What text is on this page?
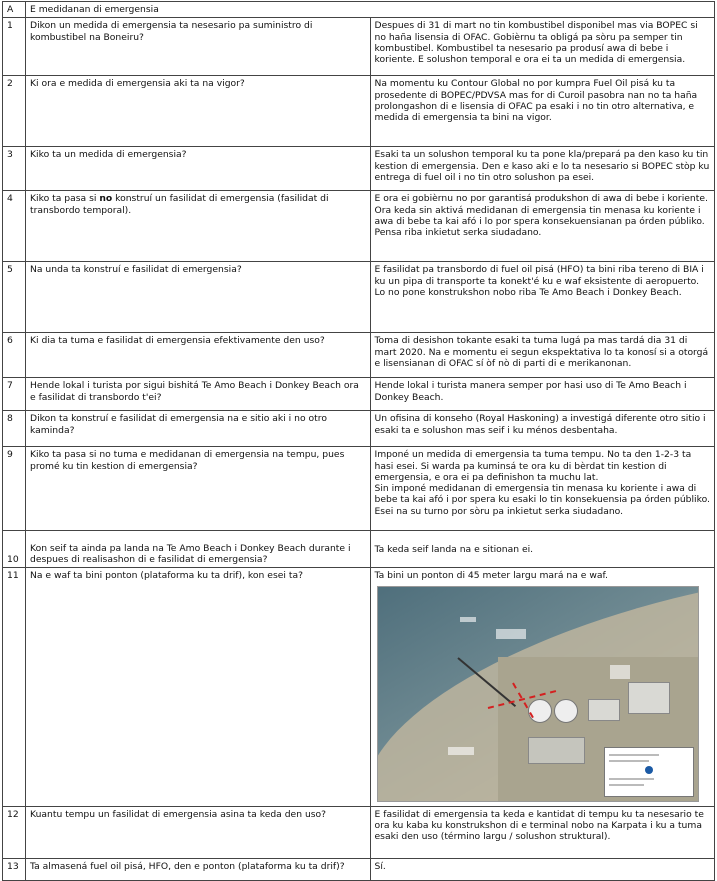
A	E medidanan di emergensia	
1	Dikon un medida di emergensia ta nesesario pa suministro di kombustibel na Boneiru?	Despues di 31 di mart no tin kombustibel disponibel mas via BOPEC si no haña lisensia di OFAC. Gobièrnu ta obligá pa sòru pa semper tin kombustibel. Kombustibel ta nesesario pa produsí awa di bebe i koriente. E solushon temporal e ora ei ta un medida di emergensia.
2	Ki ora e medida di emergensia aki ta na vigor?	Na momentu ku Contour Global no por kumpra Fuel Oil pisá ku ta prosedente di BOPEC/PDVSA mas for di Curoil pasobra nan no ta haña prolongashon di e lisensia di OFAC pa esaki i no tin otro alternativa, e medida di emergensia ta bini na vigor.
3	Kiko ta un medida di emergensia?	Esaki ta un solushon temporal ku ta pone kla/prepará pa den kaso ku tin kestion di emergensia. Den e kaso aki e lo ta nesesario si BOPEC stòp ku entrega di fuel oil i no tin otro solushon pa esei.
4	Kiko ta pasa si no konstruí un fasilidat di emergensia (fasilidat di transbordo temporal).	E ora ei gobièrnu no por garantisá produkshon di awa di bebe i koriente. Ora keda sin aktivá medidanan di emergensia tin menasa ku koriente i awa di bebe ta kai afó i lo por spera konsekuensianan pa órden públiko. Pensa riba inkietut serka siudadano.
5	Na unda ta konstruí e fasilidat di emergensia?	E fasilidat pa transbordo di fuel oil pisá (HFO) ta bini riba tereno di BIA i ku un pipa di transporte ta konekt'é ku e waf eksistente di aeropuerto. Lo no pone konstrukshon nobo riba Te Amo Beach i Donkey Beach.
6	Ki dia ta tuma e fasilidat di emergensia efektivamente den uso?	Toma di desishon tokante esaki ta tuma lugá pa mas tardá dia 31 di mart 2020. Na e momentu ei segun ekspektativa lo ta konosí si a otorgá e lisensianan di OFAC sí òf nò di parti di e merikanonan.
7	Hende lokal i turista por sigui bishitá Te Amo Beach i Donkey Beach ora e fasilidat di transbordo t'ei?	Hende lokal i turista manera semper por hasi uso di Te Amo Beach i Donkey Beach.
8	Dikon ta konstruí e fasilidat di emergensia na e sitio aki i no otro kaminda?	Un ofisina di konseho (Royal Haskoning) a investigá diferente otro sitio i esaki ta e solushon mas seif i ku ménos desbentaha.
9	Kiko ta pasa si no tuma e medidanan di emergensia na tempu, pues promé ku tin kestion di emergensia?	Imponé un medida di emergensia ta tuma tempu. No ta den 1-2-3 ta hasi esei. Si warda pa kuminsá te ora ku di bèrdat tin kestion di emergensia, e ora ei pa definishon ta muchu lat.
Sin imponé medidanan di emergensia tin menasa ku koriente i awa di bebe ta kai afó i por spera ku esaki lo tin konsekuensia pa órden públiko. Esei na su turno por sòru pa inkietut serka siudadano.
10	Kon seif ta ainda pa landa na Te Amo Beach i Donkey Beach durante i despues di realisashon di e fasilidat di emergensia?	Ta keda seif landa na e sitionan ei.
11	Na e waf ta bini ponton (plataforma ku ta drif), kon esei ta?	Ta bini un ponton di 45 meter largu mará na e waf.

12	Kuantu tempu un fasilidat di emergensia asina ta keda den uso?	E fasilidat di emergensia ta keda e kantidat di tempu ku ta nesesario te ora ku kaba ku konstrukshon di e terminal nobo na Karpata i ku a tuma esaki den uso (término largu / solushon struktural).
13	Ta almasená fuel oil pisá, HFO, den e ponton (plataforma ku ta drif)?	Sí.
